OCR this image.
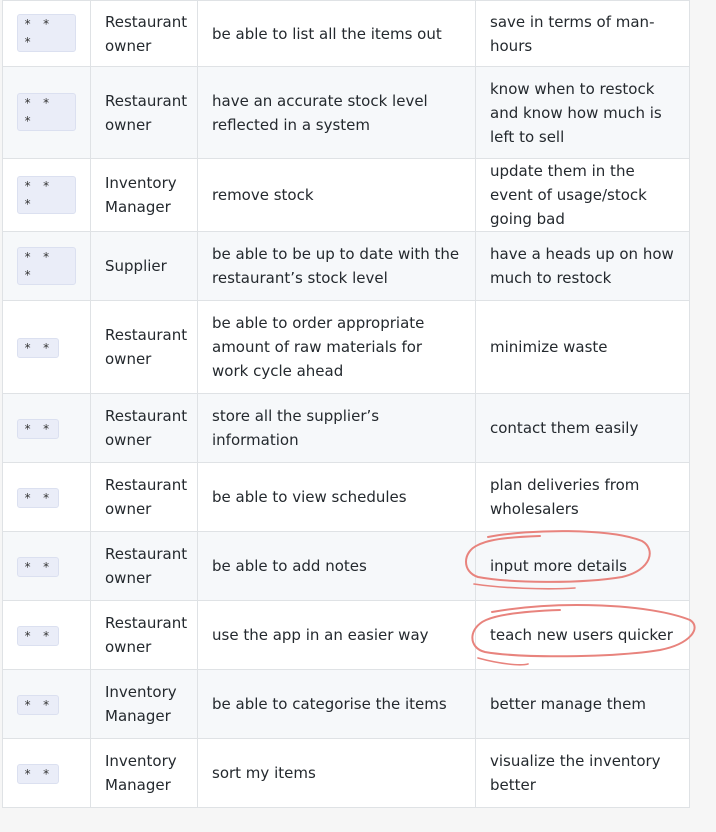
* * *	Restaurant owner	be able to list all the items out	save in terms of man-hours
* * *	Restaurant owner	have an accurate stock level reflected in a system	know when to restock and know how much is left to sell
* * *	Inventory Manager	remove stock	update them in the event of usage/stock going bad
* * *	Supplier	be able to be up to date with the restaurant’s stock level	have a heads up on how much to restock
* *	Restaurant owner	be able to order appropriate amount of raw materials for work cycle ahead	minimize waste
* *	Restaurant owner	store all the supplier’s information	contact them easily
* *	Restaurant owner	be able to view schedules	plan deliveries from wholesalers
* *	Restaurant owner	be able to add notes	input more details
* *	Restaurant owner	use the app in an easier way	teach new users quicker
* *	Inventory Manager	be able to categorise the items	better manage them
* *	Inventory Manager	sort my items	visualize the inventory better
